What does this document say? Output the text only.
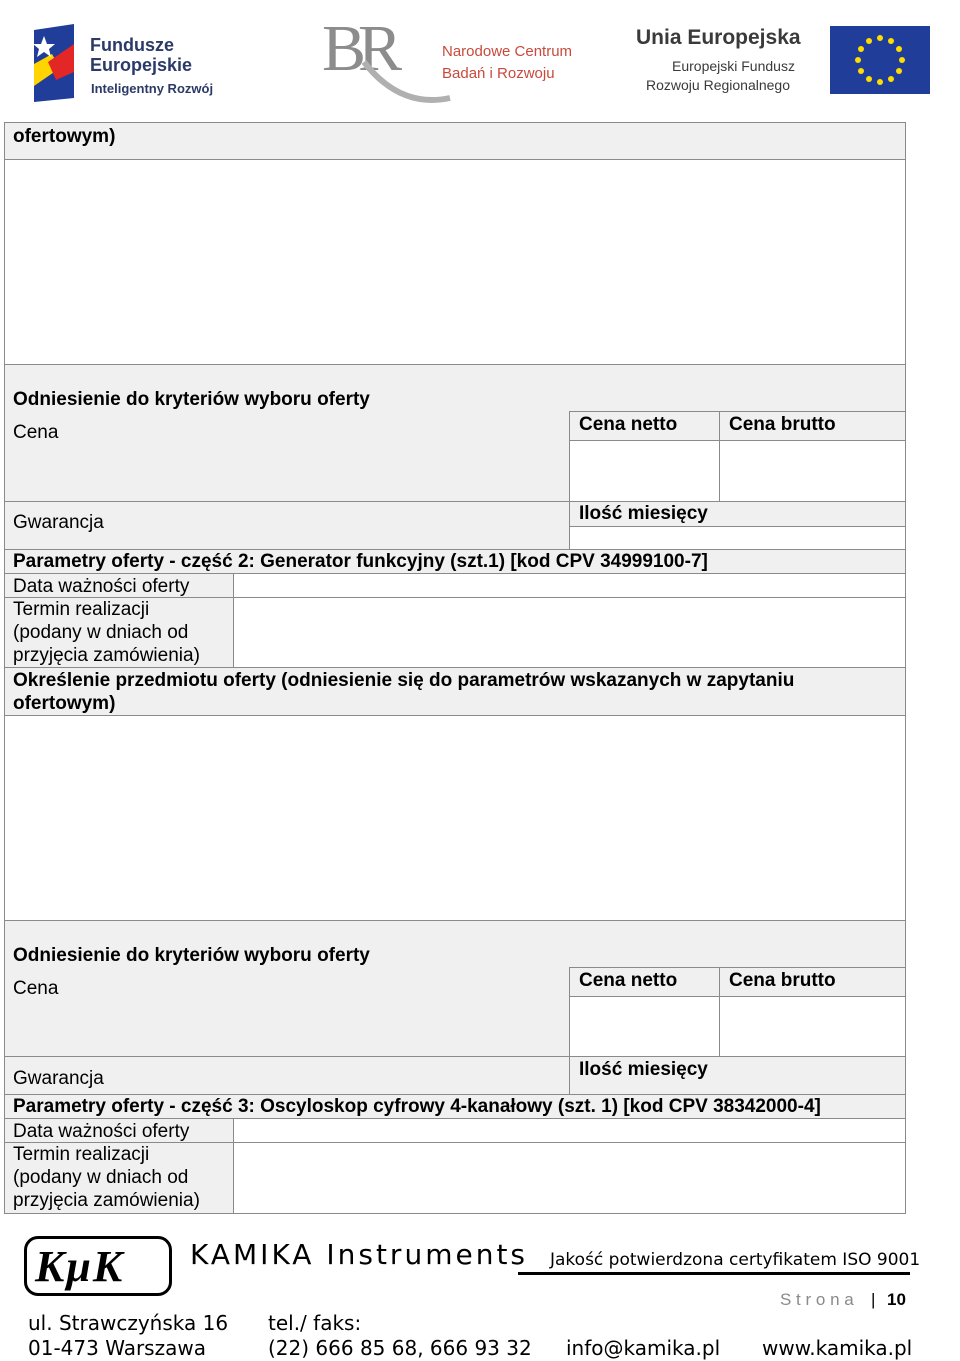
Fundusze
Europejskie
Inteligentny Rozwój
BR	Narodowe Centrum
Badań i Rozwoju
Unia Europejska
Europejski Fundusz
Rozwoju Regionalnego
ofertowym)
Odniesienie do kryteriów wyboru oferty
Cena	Cena netto	Cena brutto
Gwarancja	Ilość miesięcy
Parametry oferty - część 2: Generator funkcyjny (szt.1) [kod CPV 34999100-7]
Data ważności oferty
Termin realizacji
(podany w dniach od
przyjęcia zamówienia)
Określenie przedmiotu oferty (odniesienie się do parametrów wskazanych w zapytaniu
ofertowym)
Odniesienie do kryteriów wyboru oferty
Cena	Cena netto	Cena brutto
Gwarancja	Ilość miesięcy
Parametry oferty - część 3: Oscyloskop cyfrowy 4-kanałowy (szt. 1) [kod CPV 38342000-4]
Data ważności oferty
Termin realizacji
(podany w dniach od
przyjęcia zamówienia)
KμK KAMIKA Instruments Jakość potwierdzona certyfikatem ISO 9001
S t r o n a | 10
ul. Strawczyńska 16
01-473 Warszawa
tel./ faks:
(22) 666 85 68, 666 93 32 info@kamika.pl www.kamika.pl
